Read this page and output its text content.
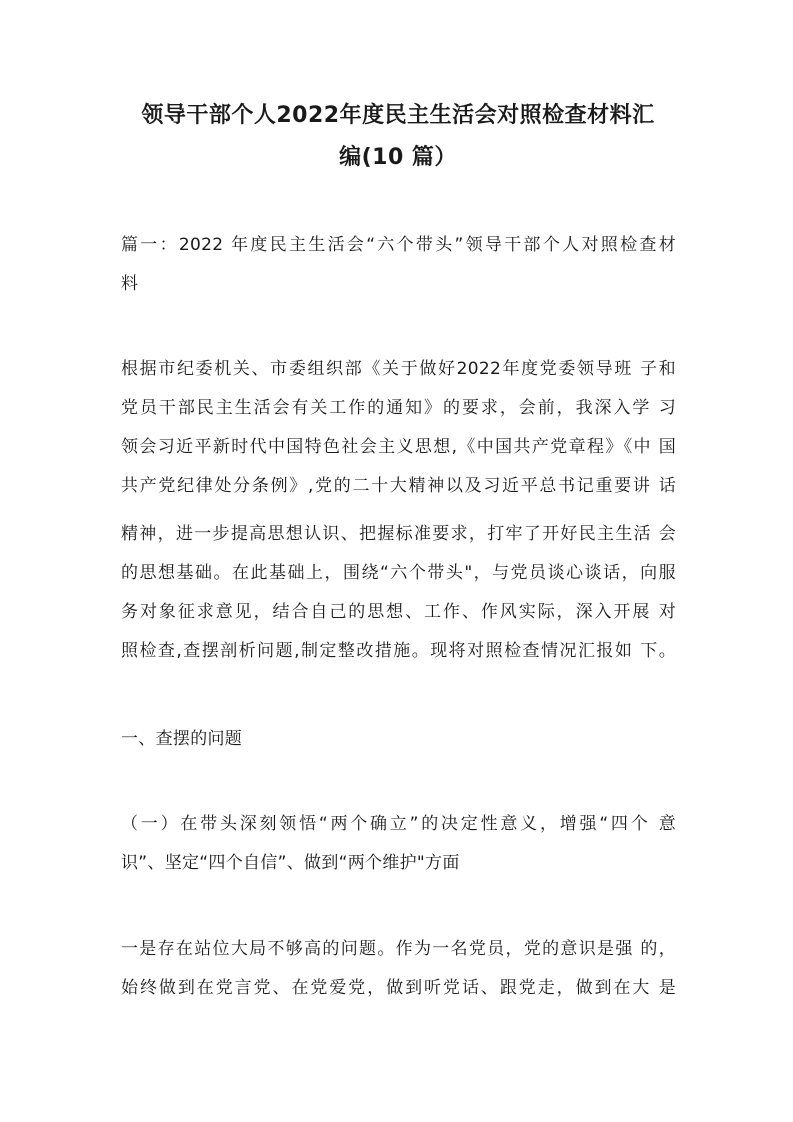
领导干部个人2022年度民主生活会对照检查材料汇
编(10 篇）
篇一：2022 年度民主生活会“六个带头”领导干部个人对照检查材
料
根据市纪委机关、市委组织部《关于做好2022年度党委领导班 子和
党员干部民主生活会有关工作的通知》的要求，会前，我深入学 习
领会习近平新时代中国特色社会主义思想,《中国共产党章程》《中 国
共产党纪律处分条例》,党的二十大精神以及习近平总书记重要讲 话
精神，进一步提高思想认识、把握标准要求，打牢了开好民主生活 会
的思想基础。在此基础上，围绕“六个带头"，与党员谈心谈话，向服
务对象征求意见，结合自己的思想、工作、作风实际，深入开展 对
照检查,查摆剖析问题,制定整改措施。现将对照检查情况汇报如 下。
一、查摆的问题
（一）在带头深刻领悟“两个确立”的决定性意义，增强“四个 意
识”、坚定“四个自信”、做到“两个维护"方面
一是存在站位大局不够高的问题。作为一名党员，党的意识是强 的，
始终做到在党言党、在党爱党，做到听党话、跟党走，做到在大 是
